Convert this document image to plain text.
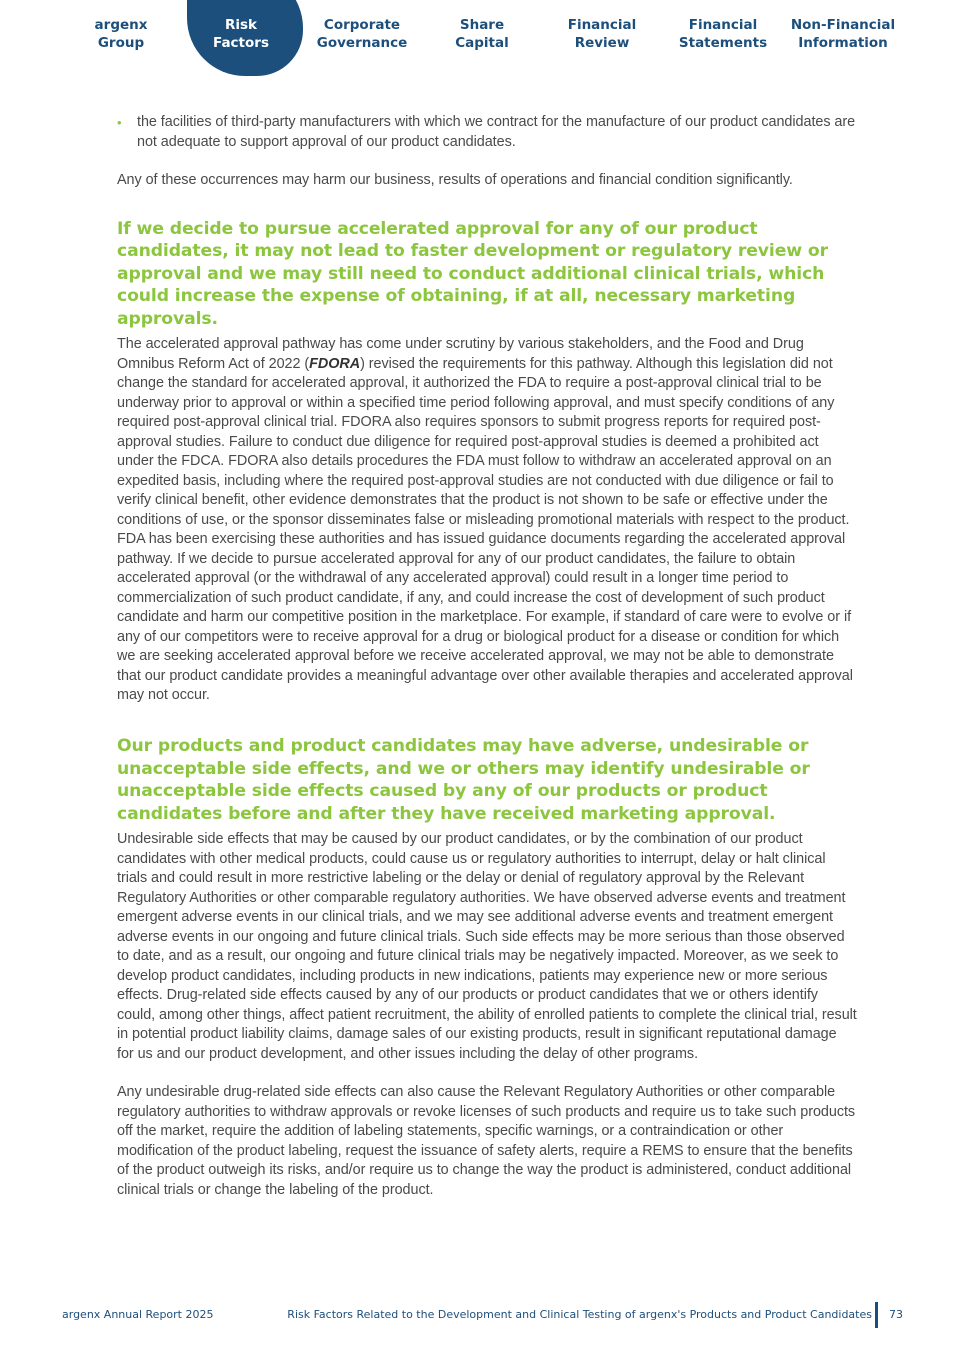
argenx
Group
Risk
Factors
Corporate
Governance
Share
Capital
Financial
Review
Financial
Statements
Non-Financial
Information
• the facilities of third-party manufacturers with which we contract for the manufacture of our product candidates are not adequate to support approval of our product candidates.

Any of these occurrences may harm our business, results of operations and financial condition significantly.

If we decide to pursue accelerated approval for any of our product candidates, it may not lead to faster development or regulatory review or approval and we may still need to conduct additional clinical trials, which could increase the expense of obtaining, if at all, necessary marketing approvals.

The accelerated approval pathway has come under scrutiny by various stakeholders, and the Food and Drug Omnibus Reform Act of 2022 (FDORA) revised the requirements for this pathway. Although this legislation did not change the standard for accelerated approval, it authorized the FDA to require a post-approval clinical trial to be underway prior to approval or within a specified time period following approval, and must specify conditions of any required post-approval clinical trial. FDORA also requires sponsors to submit progress reports for required post-approval studies. Failure to conduct due diligence for required post-approval studies is deemed a prohibited act under the FDCA. FDORA also details procedures the FDA must follow to withdraw an accelerated approval on an expedited basis, including where the required post-approval studies are not conducted with due diligence or fail to verify clinical benefit, other evidence demonstrates that the product is not shown to be safe or effective under the conditions of use, or the sponsor disseminates false or misleading promotional materials with respect to the product. FDA has been exercising these authorities and has issued guidance documents regarding the accelerated approval pathway. If we decide to pursue accelerated approval for any of our product candidates, the failure to obtain accelerated approval (or the withdrawal of any accelerated approval) could result in a longer time period to commercialization of such product candidate, if any, and could increase the cost of development of such product candidate and harm our competitive position in the marketplace. For example, if standard of care were to evolve or if any of our competitors were to receive approval for a drug or biological product for a disease or condition for which we are seeking accelerated approval before we receive accelerated approval, we may not be able to demonstrate that our product candidate provides a meaningful advantage over other available therapies and accelerated approval may not occur.

Our products and product candidates may have adverse, undesirable or unacceptable side effects, and we or others may identify undesirable or unacceptable side effects caused by any of our products or product candidates before and after they have received marketing approval.

Undesirable side effects that may be caused by our product candidates, or by the combination of our product candidates with other medical products, could cause us or regulatory authorities to interrupt, delay or halt clinical trials and could result in more restrictive labeling or the delay or denial of regulatory approval by the Relevant Regulatory Authorities or other comparable regulatory authorities. We have observed adverse events and treatment emergent adverse events in our clinical trials, and we may see additional adverse events and treatment emergent adverse events in our ongoing and future clinical trials. Such side effects may be more serious than those observed to date, and as a result, our ongoing and future clinical trials may be negatively impacted. Moreover, as we seek to develop product candidates, including products in new indications, patients may experience new or more serious effects. Drug-related side effects caused by any of our products or product candidates that we or others identify could, among other things, affect patient recruitment, the ability of enrolled patients to complete the clinical trial, result in potential product liability claims, damage sales of our existing products, result in significant reputational damage for us and our product development, and other issues including the delay of other programs.

Any undesirable drug-related side effects can also cause the Relevant Regulatory Authorities or other comparable regulatory authorities to withdraw approvals or revoke licenses of such products and require us to take such products off the market, require the addition of labeling statements, specific warnings, or a contraindication or other modification of the product labeling, request the issuance of safety alerts, require a REMS to ensure that the benefits of the product outweigh its risks, and/or require us to change the way the product is administered, conduct additional clinical trials or change the labeling of the product.

argenx Annual Report 2025	Risk Factors Related to the Development and Clinical Testing of argenx's Products and Product Candidates 73
